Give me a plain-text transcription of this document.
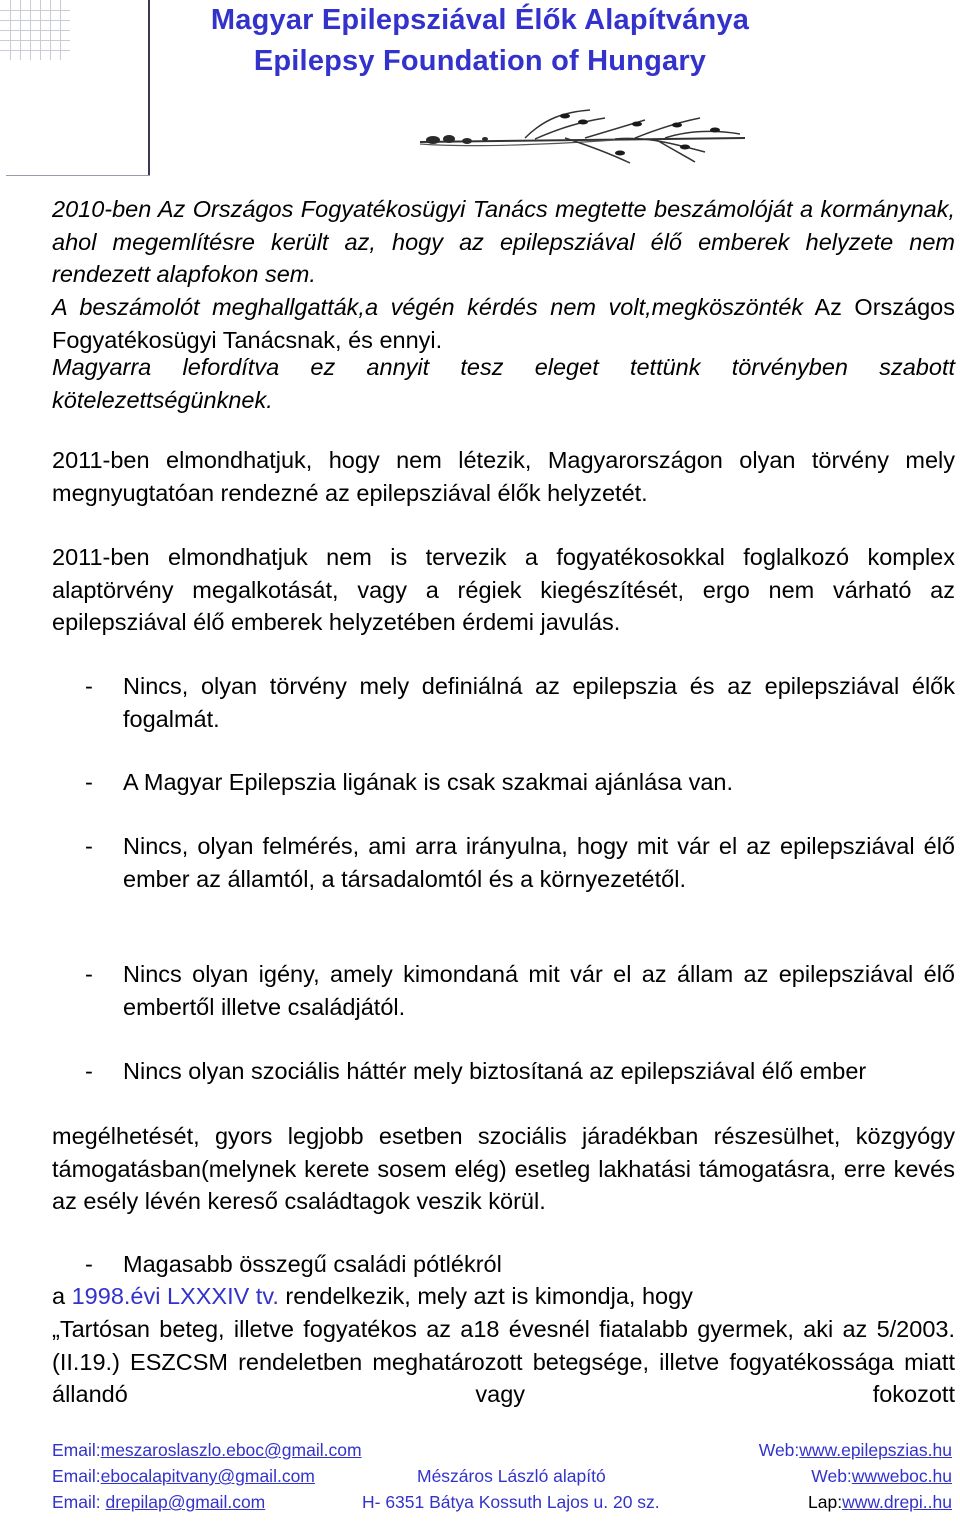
Magyar Epilepsziával Élők Alapítványa
Epilepsy Foundation of Hungary

2010-ben Az Országos Fogyatékosügyi Tanács megtette beszámolóját a kormánynak, ahol megemlítésre került az, hogy az epilepsziával élő emberek helyzete nem rendezett alapfokon sem.

A beszámolót meghallgatták,a végén kérdés nem volt,megköszönték Az Országos Fogyatékosügyi Tanácsnak, és ennyi.

Magyarra lefordítva ez annyit tesz eleget tettünk törvényben szabott kötelezettségünknek.

2011-ben elmondhatjuk, hogy nem létezik, Magyarországon olyan törvény mely megnyugtatóan rendezné az epilepsziával élők helyzetét.

2011-ben elmondhatjuk nem is tervezik a fogyatékosokkal foglalkozó komplex alaptörvény megalkotását, vagy a régiek kiegészítését, ergo nem várható az epilepsziával élő emberek helyzetében érdemi javulás.

- Nincs, olyan törvény mely definiálná az epilepszia és az epilepsziával élők fogalmát.

- A Magyar Epilepszia ligának is csak szakmai ajánlása van.

- Nincs, olyan felmérés, ami arra irányulna, hogy mit vár el az epilepsziával élő ember az államtól, a társadalomtól és a környezetétől.

- Nincs olyan igény, amely kimondaná mit vár el az állam az epilepsziával élő embertől illetve családjától.

- Nincs olyan szociális háttér mely biztosítaná az epilepsziával élő ember

megélhetését, gyors legjobb esetben szociális járadékban részesülhet, közgyógy támogatásban(melynek kerete sosem elég) esetleg lakhatási támogatásra, erre kevés az esély lévén kereső családtagok veszik körül.

- Magasabb összegű családi pótlékról

a 1998.évi LXXXIV tv. rendelkezik, mely azt is kimondja, hogy

„Tartósan beteg, illetve fogyatékos az a18 évesnél fiatalabb gyermek, aki az 5/2003.(II.19.) ESZCSM rendeletben meghatározott betegsége, illetve fogyatékossága miatt állandó vagy fokozott

Email:meszaroslaszlo.eboc@gmail.com	Web:www.epilepszias.hu
Email:ebocalapitvany@gmail.com	Mészáros László alapító	Web:wwweboc.hu
Email: drepilap@gmail.com	H- 6351 Bátya Kossuth Lajos u. 20 sz.	Lap:www.drepi..hu
